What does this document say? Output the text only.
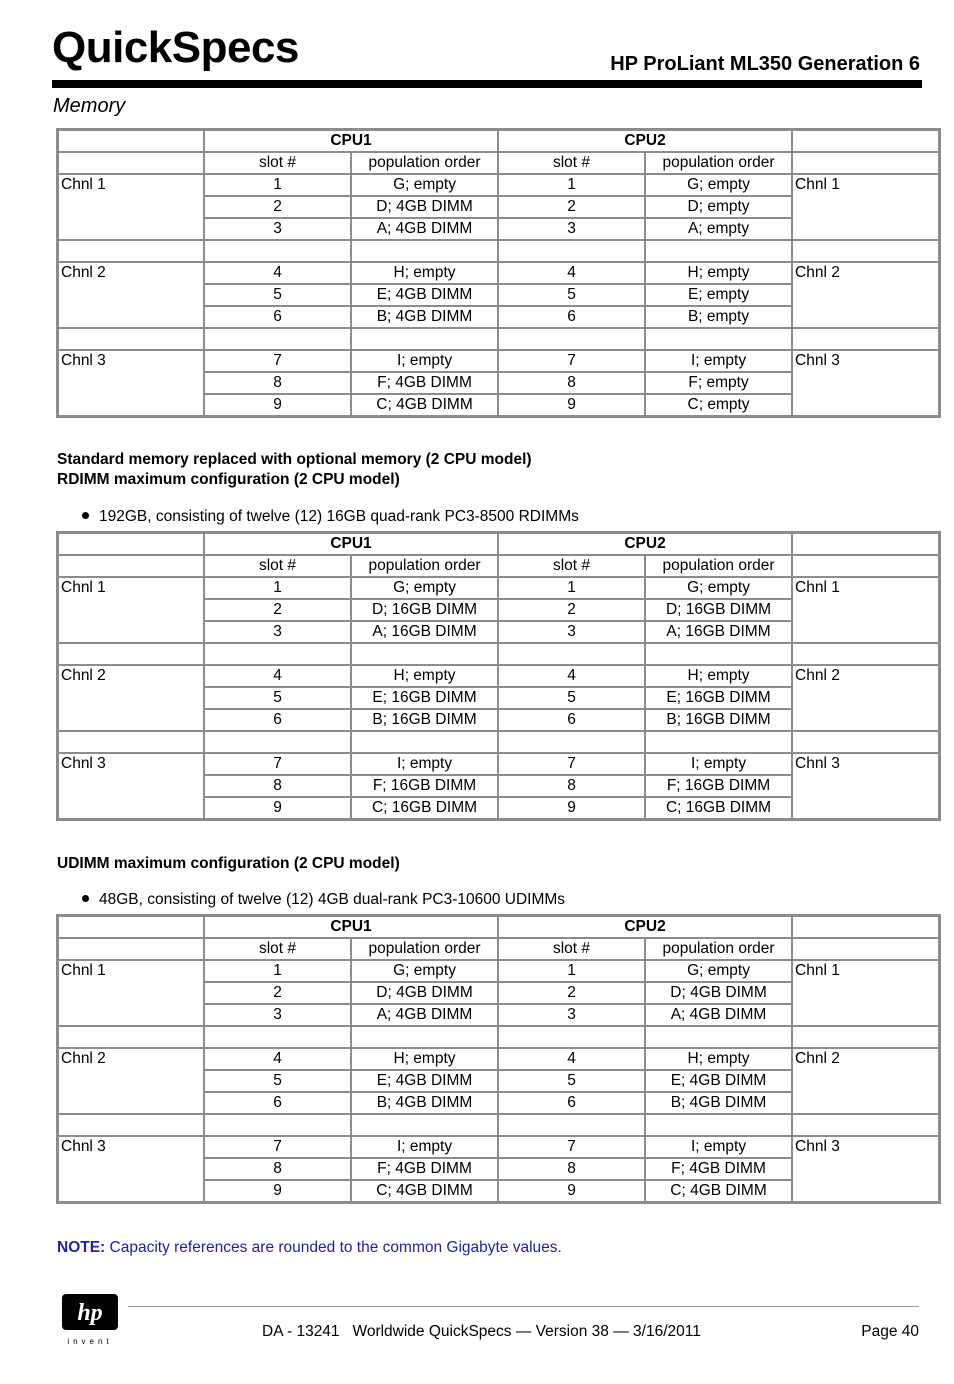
QuickSpecs	HP ProLiant ML350 Generation 6
Memory
	CPU1		CPU2		
	slot #	population order	slot #	population order	
Chnl 1	1	G; empty	1	G; empty	Chnl 1
	2	D; 4GB DIMM	2	D; empty	
	3	A; 4GB DIMM	3	A; empty	

Chnl 2	4	H; empty	4	H; empty	Chnl 2
	5	E; 4GB DIMM	5	E; empty	
	6	B; 4GB DIMM	6	B; empty	

Chnl 3	7	I; empty	7	I; empty	Chnl 3
	8	F; 4GB DIMM	8	F; empty	
	9	C; 4GB DIMM	9	C; empty	
Standard memory replaced with optional memory (2 CPU model)
RDIMM maximum configuration (2 CPU model)
192GB, consisting of twelve (12) 16GB quad-rank PC3-8500 RDIMMs
	CPU1		CPU2		
	slot #	population order	slot #	population order	
Chnl 1	1	G; empty	1	G; empty	Chnl 1
	2	D; 16GB DIMM	2	D; 16GB DIMM	
	3	A; 16GB DIMM	3	A; 16GB DIMM	

Chnl 2	4	H; empty	4	H; empty	Chnl 2
	5	E; 16GB DIMM	5	E; 16GB DIMM	
	6	B; 16GB DIMM	6	B; 16GB DIMM	

Chnl 3	7	I; empty	7	I; empty	Chnl 3
	8	F; 16GB DIMM	8	F; 16GB DIMM	
	9	C; 16GB DIMM	9	C; 16GB DIMM	
UDIMM maximum configuration (2 CPU model)
48GB, consisting of twelve (12) 4GB dual-rank PC3-10600 UDIMMs
	CPU1		CPU2		
	slot #	population order	slot #	population order	
Chnl 1	1	G; empty	1	G; empty	Chnl 1
	2	D; 4GB DIMM	2	D; 4GB DIMM	
	3	A; 4GB DIMM	3	A; 4GB DIMM	

Chnl 2	4	H; empty	4	H; empty	Chnl 2
	5	E; 4GB DIMM	5	E; 4GB DIMM	
	6	B; 4GB DIMM	6	B; 4GB DIMM	

Chnl 3	7	I; empty	7	I; empty	Chnl 3
	8	F; 4GB DIMM	8	F; 4GB DIMM	
	9	C; 4GB DIMM	9	C; 4GB DIMM	
NOTE: Capacity references are rounded to the common Gigabyte values.
hp
invent
DA - 13241   Worldwide QuickSpecs — Version 38 — 3/16/2011	Page 40
